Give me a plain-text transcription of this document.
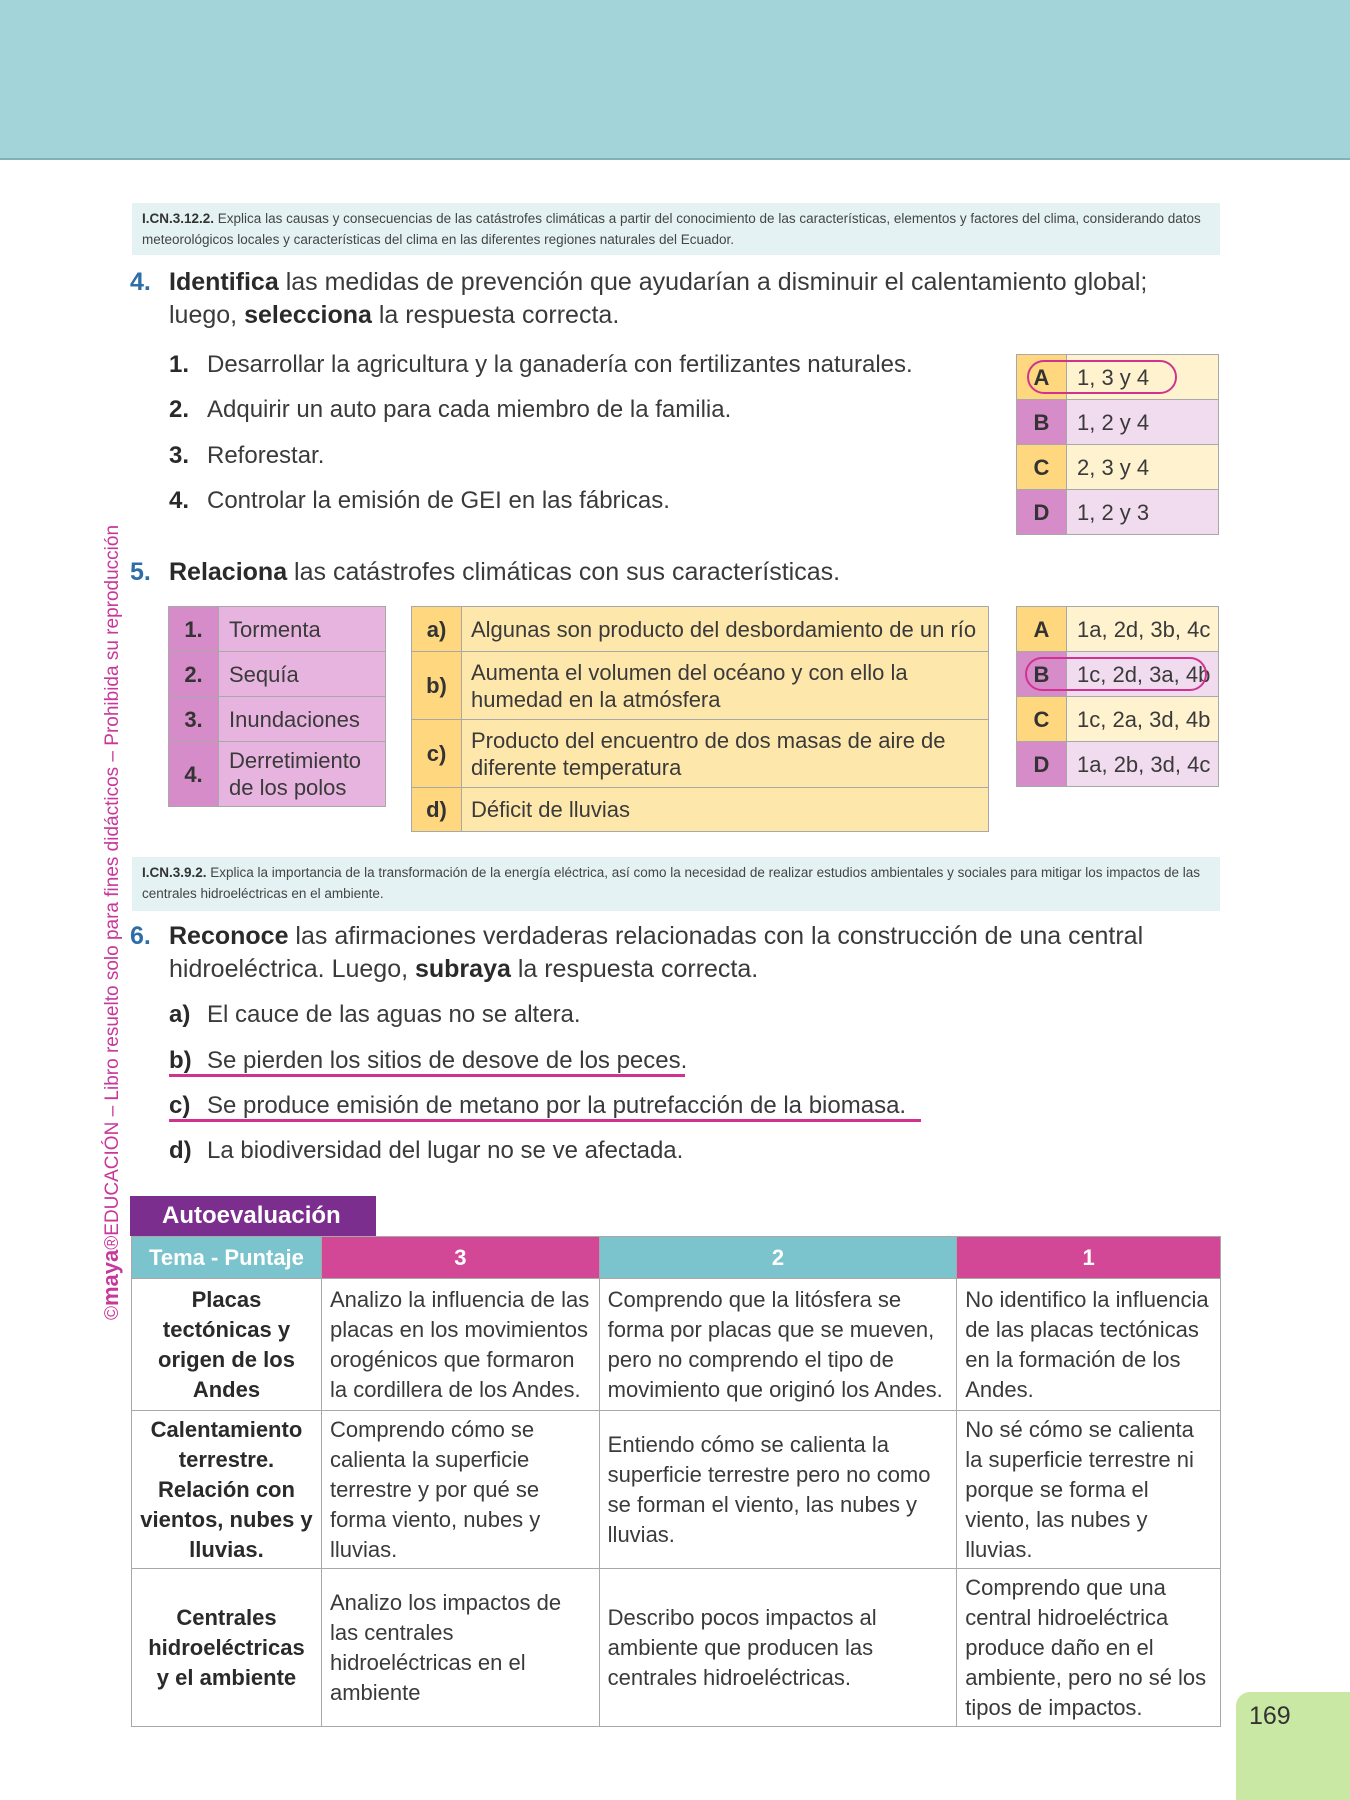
©maya®EDUCACIÓN – Libro resuelto solo para fines didácticos – Prohibida su reproducción
I.CN.3.12.2. Explica las causas y consecuencias de las catástrofes climáticas a partir del conocimiento de las características, elementos y factores del clima, considerando datos meteorológicos locales y características del clima en las diferentes regiones naturales del Ecuador.
4. Identifica las medidas de prevención que ayudarían a disminuir el calentamiento global; luego, selecciona la respuesta correcta.
1. Desarrollar la agricultura y la ganadería con fertilizantes naturales.
2. Adquirir un auto para cada miembro de la familia.
3. Reforestar.
4. Controlar la emisión de GEI en las fábricas.
A	1, 3 y 4
B	1, 2 y 4
C	2, 3 y 4
D	1, 2 y 3
5. Relaciona las catástrofes climáticas con sus características.
1.	Tormenta
2.	Sequía
3.	Inundaciones
4.	Derretimiento de los polos
a)	Algunas son producto del desbordamiento de un río
b)	Aumenta el volumen del océano y con ello la humedad en la atmósfera
c)	Producto del encuentro de dos masas de aire de diferente temperatura
d)	Déficit de lluvias
A	1a, 2d, 3b, 4c
B	1c, 2d, 3a, 4b
C	1c, 2a, 3d, 4b
D	1a, 2b, 3d, 4c
I.CN.3.9.2. Explica la importancia de la transformación de la energía eléctrica, así como la necesidad de realizar estudios ambientales y sociales para mitigar los impactos de las centrales hidroeléctricas en el ambiente.
6. Reconoce las afirmaciones verdaderas relacionadas con la construcción de una central hidroeléctrica. Luego, subraya la respuesta correcta.
a) El cauce de las aguas no se altera.
b) Se pierden los sitios de desove de los peces.
c) Se produce emisión de metano por la putrefacción de la biomasa.
d) La biodiversidad del lugar no se ve afectada.
Autoevaluación
Tema - Puntaje	3	2	1
Placas tectónicas y origen de los Andes	Analizo la influencia de las placas en los movimientos orogénicos que formaron la cordillera de los Andes.	Comprendo que la litósfera se forma por placas que se mueven, pero no comprendo el tipo de movimiento que originó los Andes.	No identifico la influencia de las placas tectónicas en la formación de los Andes.
Calentamiento terrestre. Relación con vientos, nubes y lluvias.	Comprendo cómo se calienta la superficie terrestre y por qué se forma viento, nubes y lluvias.	Entiendo cómo se calienta la superficie terrestre pero no como se forman el viento, las nubes y lluvias.	No sé cómo se calienta la superficie terrestre ni porque se forma el viento, las nubes y lluvias.
Centrales hidroeléctricas y el ambiente	Analizo los impactos de las centrales hidroeléctricas en el ambiente	Describo pocos impactos al ambiente que producen las centrales hidroeléctricas.	Comprendo que una central hidroeléctrica produce daño en el ambiente, pero no sé los tipos de impactos.	169
